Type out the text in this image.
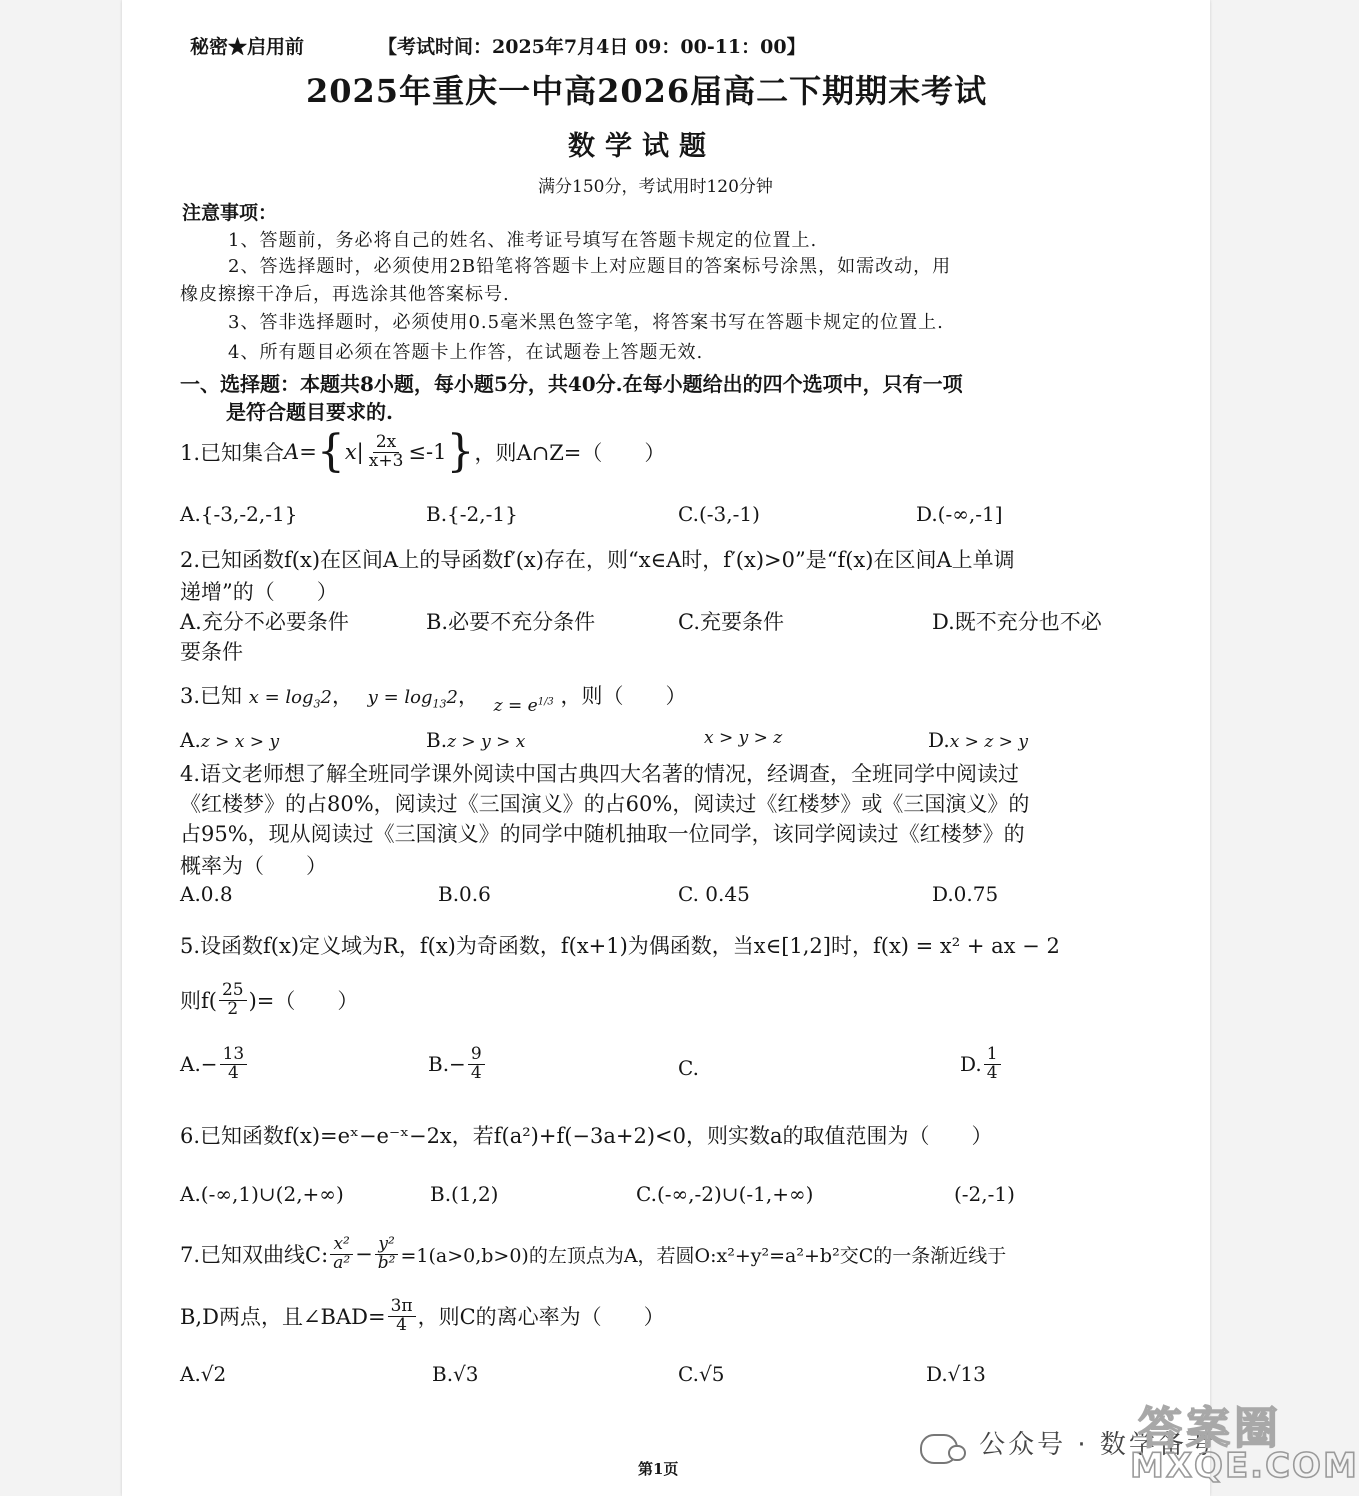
秘密★启用前	【考试时间：2025年7月4日 09：00-11：00】
2025年重庆一中高2026届高二下期期末考试
数学试题
满分150分，考试用时120分钟
注意事项：
1、答题前，务必将自己的姓名、准考证号填写在答题卡规定的位置上.
2、答选择题时，必须使用2B铅笔将答题卡上对应题目的答案标号涂黑，如需改动，用
橡皮擦擦干净后，再选涂其他答案标号.
3、答非选择题时，必须使用0.5毫米黑色签字笔，将答案书写在答题卡规定的位置上.
4、所有题目必须在答题卡上作答，在试题卷上答题无效.
一、选择题：本题共8小题，每小题5分，共40分.在每小题给出的四个选项中，只有一项
是符合题目要求的.
1.已知集合 A= { $x| \frac{2x}{x+3} \le-1$ } ，则A∩Z=（　　）
A.{-3,-2,-1}	B.{-2,-1}	C.(-3,-1)	D.(-∞,-1]
2.已知函数f(x)在区间A上的导函数f′(x)存在，则“x∈A时，f′(x)>0”是“f(x)在区间A上单调
递增”的（　　）
A.充分不必要条件	B.必要不充分条件	C.充要条件	D.既不充分也不必
要条件
3.已知 $x = \log_32$， $y = \log_{13}2$， $_{z = e^{1/3}}$ ，则（　　）
A.z > x > y	B.z > y > x	x > y > z	D.x > z > y
4.语文老师想了解全班同学课外阅读中国古典四大名著的情况，经调查，全班同学中阅读过
《红楼梦》的占80%，阅读过《三国演义》的占60%，阅读过《红楼梦》或《三国演义》的
占95%，现从阅读过《三国演义》的同学中随机抽取一位同学，该同学阅读过《红楼梦》的
概率为（　　）
A.0.8	B.0.6	C. 0.45	D.0.75
5.设函数f(x)定义域为R，f(x)为奇函数，f(x+1)为偶函数，当x∈[1,2]时，f(x) = x² + ax − 2
则$f( \frac{25}{2}$ )=（　　）
$A.- \frac{13}{4}$	$B.- \frac{9}{4}$	C.	D. $\frac{1}{4}$
6.已知函数f(x)=eˣ−e⁻ˣ−2x，若f(a²)+f(−3a+2)<0，则实数a的取值范围为（　　）
A.(-∞,1)∪(2,+∞)	B.(1,2)	C.(-∞,-2)∪(-1,+∞)	(-2,-1)
7.已知双曲线C: $\frac{\text{x²}}{\text{a²}} - \frac{\text{y²}}{\text{b²}} =1(a>0,b>0)$的左顶点为A，若圆O:x²+y²=a²+b²交C的一条渐近线于
B,D两点，且∠BAD= $\frac{3\pi}{4}$ ，则C的离心率为（　　）
A.√2	B.√3	C.√5	D.√13
公众号 · 数学备考
答案圈
MXQE.COM
第1页
